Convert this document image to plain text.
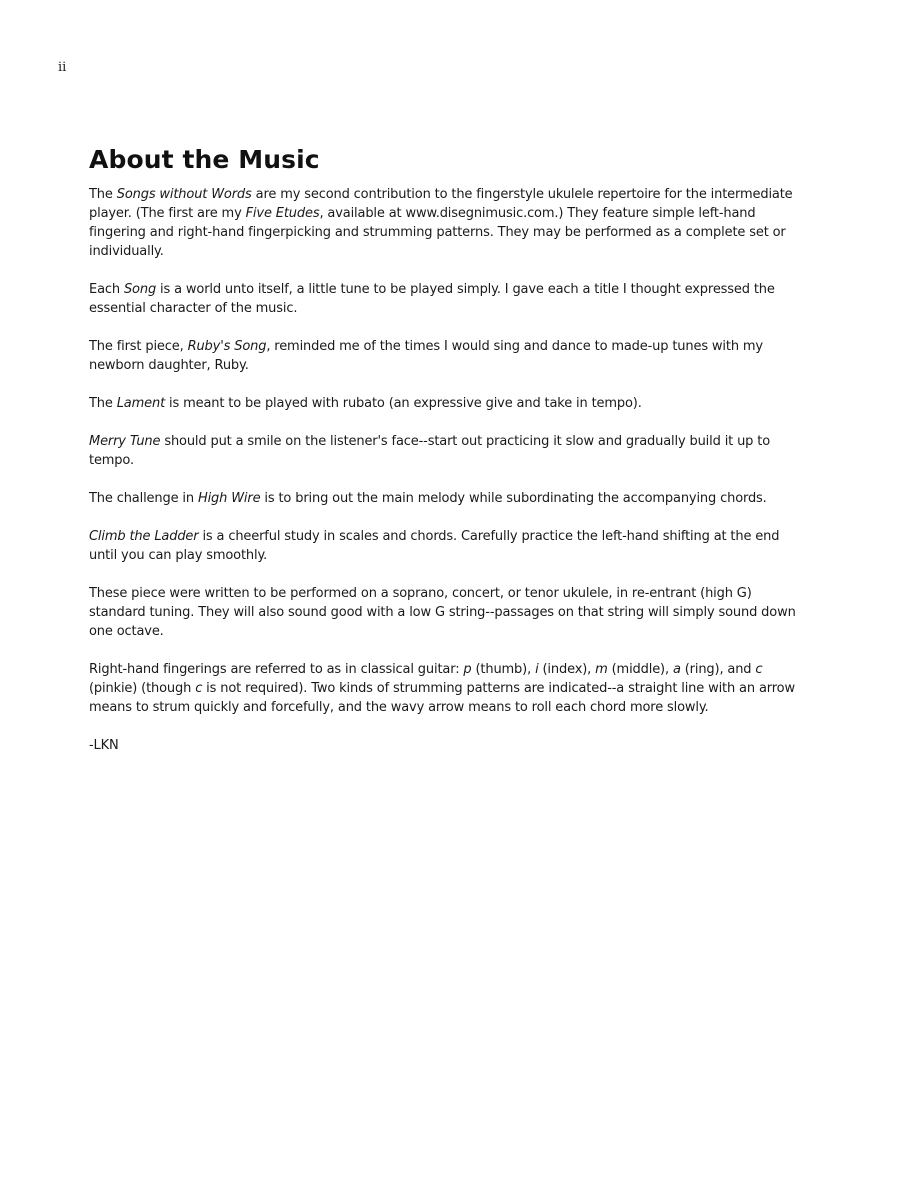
ii
About the Music

The Songs without Words are my second contribution to the fingerstyle ukulele repertoire for the intermediate player. (The first are my Five Etudes, available at www.disegnimusic.com.) They feature simple left-hand fingering and right-hand fingerpicking and strumming patterns. They may be performed as a complete set or individually.

Each Song is a world unto itself, a little tune to be played simply. I gave each a title I thought expressed the essential character of the music.

The first piece, Ruby's Song, reminded me of the times I would sing and dance to made-up tunes with my newborn daughter, Ruby.

The Lament is meant to be played with rubato (an expressive give and take in tempo).

Merry Tune should put a smile on the listener's face--start out practicing it slow and gradually build it up to tempo.

The challenge in High Wire is to bring out the main melody while subordinating the accompanying chords.

Climb the Ladder is a cheerful study in scales and chords. Carefully practice the left-hand shifting at the end until you can play smoothly.

These piece were written to be performed on a soprano, concert, or tenor ukulele, in re-entrant (high G) standard tuning. They will also sound good with a low G string--passages on that string will simply sound down one octave.

Right-hand fingerings are referred to as in classical guitar: p (thumb), i (index), m (middle), a (ring), and c (pinkie) (though c is not required). Two kinds of strumming patterns are indicated--a straight line with an arrow means to strum quickly and forcefully, and the wavy arrow means to roll each chord more slowly.

-LKN
